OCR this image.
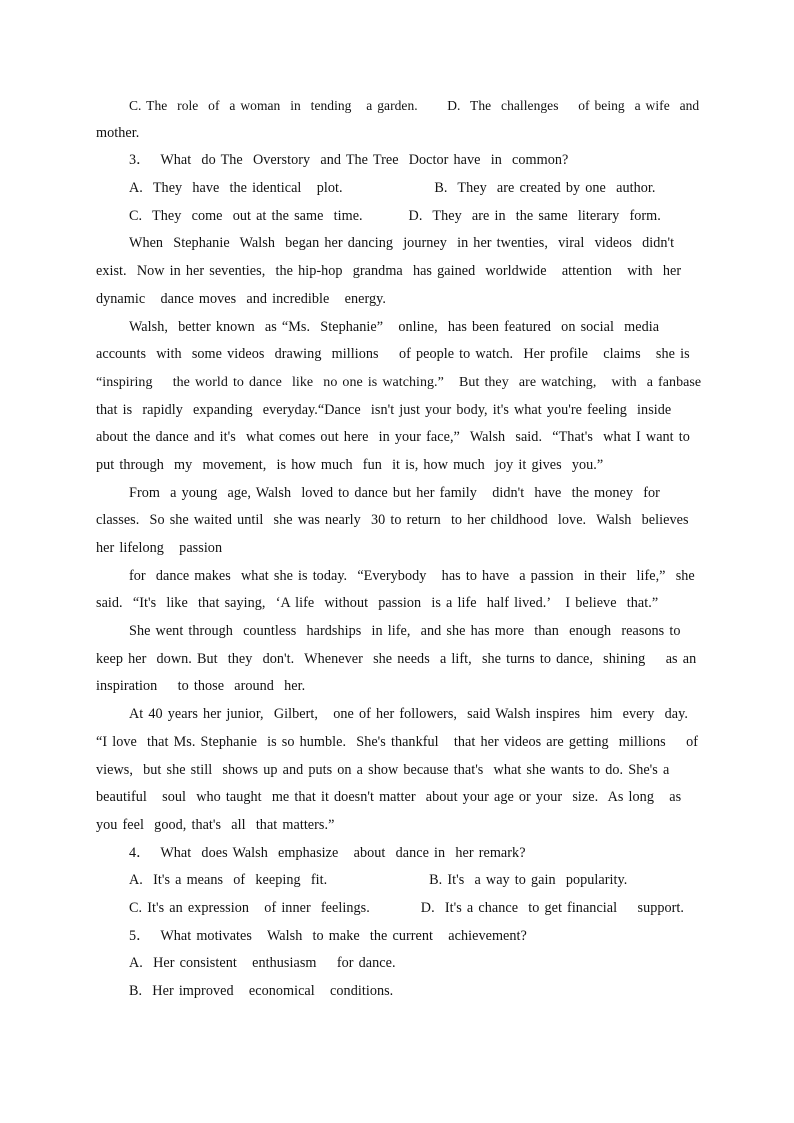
C. The  role  of  a woman  in  tending   a garden.      D.  The  challenges    of being  a wife  and
mother.
3．  What  do The  Overstory  and The Tree  Doctor have  in  common?
A.  They  have  the identical   plot.                  B.  They  are created by one  author.
C.  They  come  out at the same  time.         D.  They  are in  the same  literary  form.
When  Stephanie  Walsh  began her dancing  journey  in her twenties,  viral  videos  didn't
exist.  Now in her seventies,  the hip-hop  grandma  has gained  worldwide   attention   with  her
dynamic   dance moves  and incredible   energy.
Walsh,  better known  as “Ms.  Stephanie”   online,  has been featured  on social  media
accounts  with  some videos  drawing  millions    of people to watch.  Her profile   claims   she is
“inspiring    the world to dance  like  no one is watching.”   But they  are watching,   with  a fanbase
that is  rapidly  expanding  everyday.“Dance  isn't just your body, it's what you're feeling  inside
about the dance and it's  what comes out here  in your face,”  Walsh  said.  “That's  what I want to
put through  my  movement,  is how much  fun  it is, how much  joy it gives  you.”
From  a young  age, Walsh  loved to dance but her family   didn't  have  the money  for
classes.  So she waited until  she was nearly  30 to return  to her childhood  love.  Walsh  believes
her lifelong   passion
for  dance makes  what she is today.  “Everybody   has to have  a passion  in their  life,”  she
said.  “It's  like  that saying,  ‘A life  without  passion  is a life  half lived.’   I believe  that.”
She went through  countless  hardships  in life,  and she has more  than  enough  reasons to
keep her  down. But  they  don't.  Whenever  she needs  a lift,  she turns to dance,  shining    as an
inspiration    to those  around  her.
At 40 years her junior,  Gilbert,   one of her followers,  said Walsh inspires  him  every  day.
“I love  that Ms. Stephanie  is so humble.  She's thankful   that her videos are getting  millions    of
views,  but she still  shows up and puts on a show because that's  what she wants to do. She's a
beautiful   soul  who taught  me that it doesn't matter  about your age or your  size.  As long   as
you feel  good, that's  all  that matters.”
4．  What  does Walsh  emphasize   about  dance in  her remark?
A.  It's a means  of  keeping  fit.                    B. It's  a way to gain  popularity.
C. It's an expression   of inner  feelings.          D.  It's a chance  to get financial    support.
5．  What motivates   Walsh  to make  the current   achievement?
A.  Her consistent   enthusiasm    for dance.
B.  Her improved   economical   conditions.
